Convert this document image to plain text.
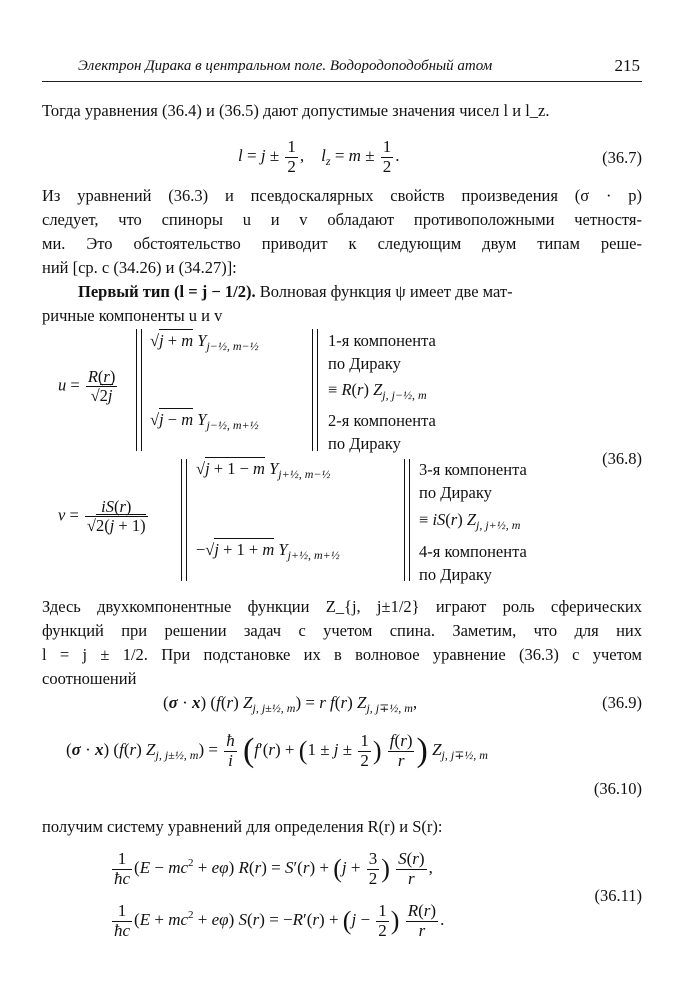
Электрон Дирака в центральном поле. Водородоподобный атом	215
Тогда уравнения (36.4) и (36.5) дают допустимые значения чисел l и l_z.
$l = j \pm \frac{1}{2}$ ,    $l_z = m \pm \frac{1}{2}$ .	(36.7)
Из уравнений (36.3) и псевдоскалярных свойств произведения (σ · p)
следует, что спиноры u и v обладают противоположными четностя-
ми. Это обстоятельство приводит к следующим двум типам реше-
ний [ср. с (34.26) и (34.27)]:
Первый тип (l = j − 1/2). Волновая функция ψ имеет две мат-
ричные компоненты u и v
$u = \frac{R(r)}{√2j}$
√j + m $Y_{j-\frac{1}{2}, m-\frac{1}{2}}$
√j − m $Y_{j-\frac{1}{2}, m+\frac{1}{2}}$
1-я компонента
по Дираку
≡ R(r) $Z_{j, j-\frac{1}{2}, m}$
2-я компонента
по Дираку
(36.8)
$v = \frac{iS(r)}{√2(j + 1)}$
√j + 1 − m $Y_{j+\frac{1}{2}, m-\frac{1}{2}}$
−√j + 1 + m $Y_{j+\frac{1}{2}, m+\frac{1}{2}}$
3-я компонента
по Дираку
≡ iS(r) $Z_{j, j+\frac{1}{2}, m}$
4-я компонента
по Дираку
Здесь двухкомпонентные функции Z_{j, j±1/2} играют роль сферических
функций при решении задач с учетом спина. Заметим, что для них
l = j ± 1/2. При подстановке их в волновое уравнение (36.3) с учетом
соотношений
(σ · x) (f(r) $Z_{j, j\pm\frac{1}{2}, m}) = r$ f(r) $Z_{j, j\mp\frac{1}{2}, m}$,	(36.9)
(σ · x) (f(r) $Z_{j, j\pm\frac{1}{2}, m}) = \frac{ħ}{i} (f'(r) + (1 \pm j \pm \frac{1}{2}$ ) $\frac{f(r)}{r}$ ) $Z_{j, j\mp\frac{1}{2}, m}$
(36.10)
получим систему уравнений для определения R(r) и S(r):
$\frac{1}{ħc} (E - mc^2 + e\varphi) R(r) = S'(r) + (j + \frac{3}{2}$ ) $\frac{S(r)}{r}$ ,
$\frac{1}{ħc} (E + mc^2 + e\varphi) S(r) = -R'(r) + (j - \frac{1}{2}$ ) $\frac{R(r)}{r}$ .
(36.11)
